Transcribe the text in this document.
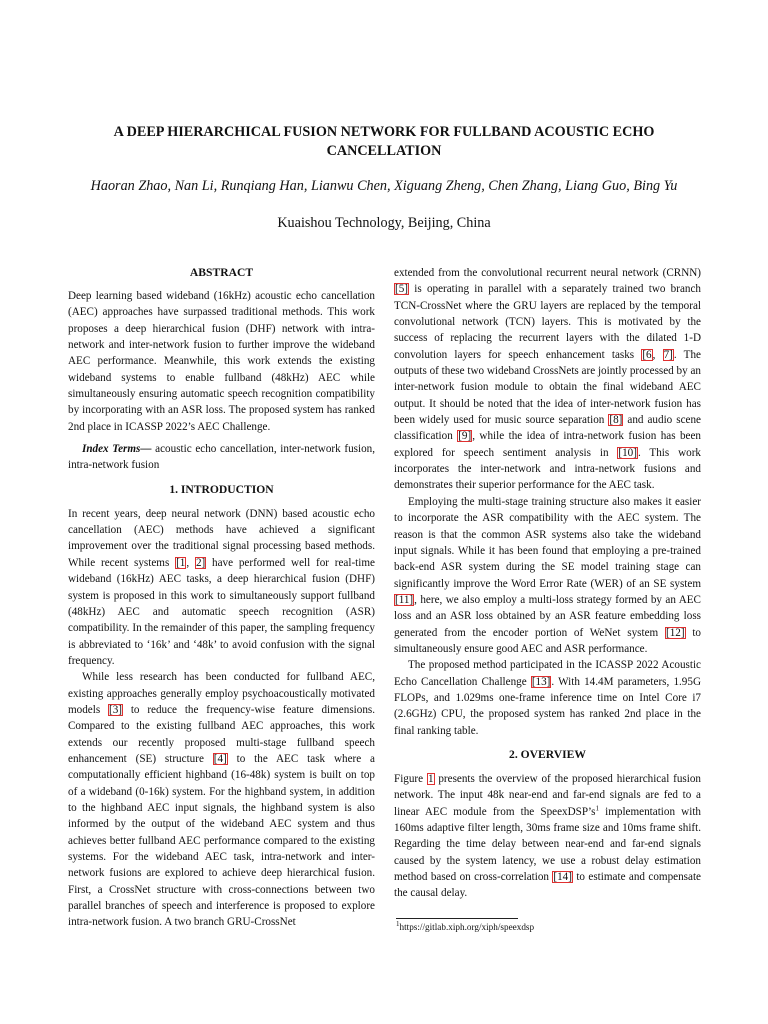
A DEEP HIERARCHICAL FUSION NETWORK FOR FULLBAND ACOUSTIC ECHO
CANCELLATION
Haoran Zhao, Nan Li, Runqiang Han, Lianwu Chen, Xiguang Zheng, Chen Zhang, Liang Guo, Bing Yu
Kuaishou Technology, Beijing, China
ABSTRACT

Deep learning based wideband (16kHz) acoustic echo cancellation (AEC) approaches have surpassed traditional methods. This work proposes a deep hierarchical fusion (DHF) network with intra-network and inter-network fusion to further improve the wideband AEC performance. Meanwhile, this work extends the existing wideband systems to enable fullband (48kHz) AEC while simultaneously ensuring automatic speech recognition compatibility by incorporating with an ASR loss. The proposed system has ranked 2nd place in ICASSP 2022’s AEC Challenge.

Index Terms— acoustic echo cancellation, inter-network fusion, intra-network fusion

1. INTRODUCTION

In recent years, deep neural network (DNN) based acoustic echo cancellation (AEC) methods have achieved a significant improvement over the traditional signal processing based methods. While recent systems [1, 2] have performed well for real-time wideband (16kHz) AEC tasks, a deep hierarchical fusion (DHF) system is proposed in this work to simultaneously support fullband (48kHz) AEC and automatic speech recognition (ASR) compatibility. In the remainder of this paper, the sampling frequency is abbreviated to ‘16k’ and ‘48k’ to avoid confusion with the signal frequency.

While less research has been conducted for fullband AEC, existing approaches generally employ psychoacoustically motivated models [3] to reduce the frequency-wise feature dimensions. Compared to the existing fullband AEC approaches, this work extends our recently proposed multi-stage fullband speech enhancement (SE) structure [4] to the AEC task where a computationally efficient highband (16-48k) system is built on top of a wideband (0-16k) system. For the highband system, in addition to the highband AEC input signals, the highband system is also informed by the output of the wideband AEC system and thus achieves better fullband AEC performance compared to the existing systems. For the wideband AEC task, intra-network and inter-network fusions are explored to achieve deep hierarchical fusion. First, a CrossNet structure with cross-connections between two parallel branches of speech and interference is proposed to explore intra-network fusion. A two branch GRU-CrossNet

extended from the convolutional recurrent neural network (CRNN) [5] is operating in parallel with a separately trained two branch TCN-CrossNet where the GRU layers are replaced by the temporal convolutional network (TCN) layers. This is motivated by the success of replacing the recurrent layers with the dilated 1-D convolution layers for speech enhancement tasks [6, 7]. The outputs of these two wideband CrossNets are jointly processed by an inter-network fusion module to obtain the final wideband AEC output. It should be noted that the idea of inter-network fusion has been widely used for music source separation [8] and audio scene classification [9], while the idea of intra-network fusion has been explored for speech sentiment analysis in [10]. This work incorporates the inter-network and intra-network fusions and demonstrates their superior performance for the AEC task.

Employing the multi-stage training structure also makes it easier to incorporate the ASR compatibility with the AEC system. The reason is that the common ASR systems also take the wideband input signals. While it has been found that employing a pre-trained back-end ASR system during the SE model training stage can significantly improve the Word Error Rate (WER) of an SE system [11], here, we also employ a multi-loss strategy formed by an AEC loss and an ASR loss obtained by an ASR feature embedding loss generated from the encoder portion of WeNet system [12] to simultaneously ensure good AEC and ASR performance.

The proposed method participated in the ICASSP 2022 Acoustic Echo Cancellation Challenge [13]. With 14.4M parameters, 1.95G FLOPs, and 1.029ms one-frame inference time on Intel Core i7 (2.6GHz) CPU, the proposed system has ranked 2nd place in the final ranking table.

2. OVERVIEW

Figure 1 presents the overview of the proposed hierarchical fusion network. The input 48k near-end and far-end signals are fed to a linear AEC module from the $SpeexDSP’s^1$ implementation with 160ms adaptive filter length, 30ms frame size and 10ms frame shift. Regarding the time delay between near-end and far-end signals caused by the system latency, we use a robust delay estimation method based on cross-correlation [14] to estimate and compensate the causal delay.

$^1$https://gitlab.xiph.org/xiph/speexdsp
